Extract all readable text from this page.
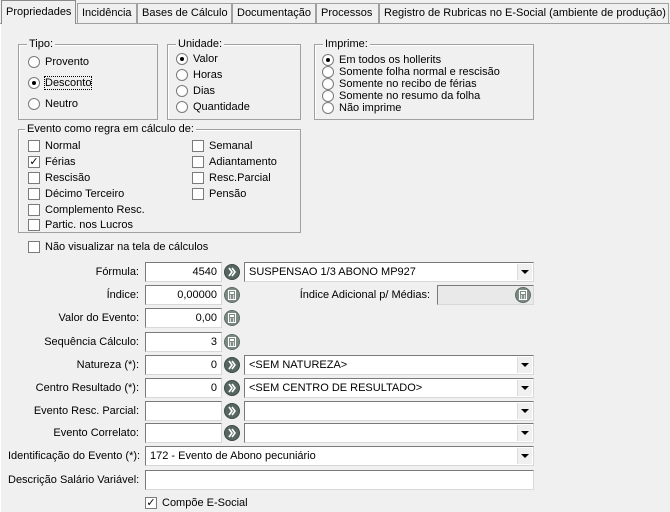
Propriedades Incidência Bases de Cálculo Documentação Processos	Registro de Rubricas no E-Social (ambiente de produção)
Tipo:
Provento
Desconto
Neutro
Unidade:
Valor
Horas
Dias
Quantidade
Imprime:
Em todos os hollerits
Somente folha normal e rescisão
Somente no recibo de férias
Somente no resumo da folha
Não imprime
Evento como regra em cálculo de:
Normal
✓ Férias
Rescisão
Décimo Terceiro
Complemento Resc.
Partic. nos Lucros
Semanal
Adiantamento
Resc.Parcial
Pensão
Não visualizar na tela de cálculos
Fórmula:	4540	SUSPENSAO 1/3 ABONO MP927
Índice:	0,00000	Índice Adicional p/ Médias:
Valor do Evento:	0,00
Sequência Cálculo:	3
Natureza (*):	0	<SEM NATUREZA>
Centro Resultado (*):	0	<SEM CENTRO DE RESULTADO>
Evento Resc. Parcial:
Evento Correlato:
Identificação do Evento (*): 172 - Evento de Abono pecuniário
Descrição Salário Variável:
✓ Compõe E-Social
